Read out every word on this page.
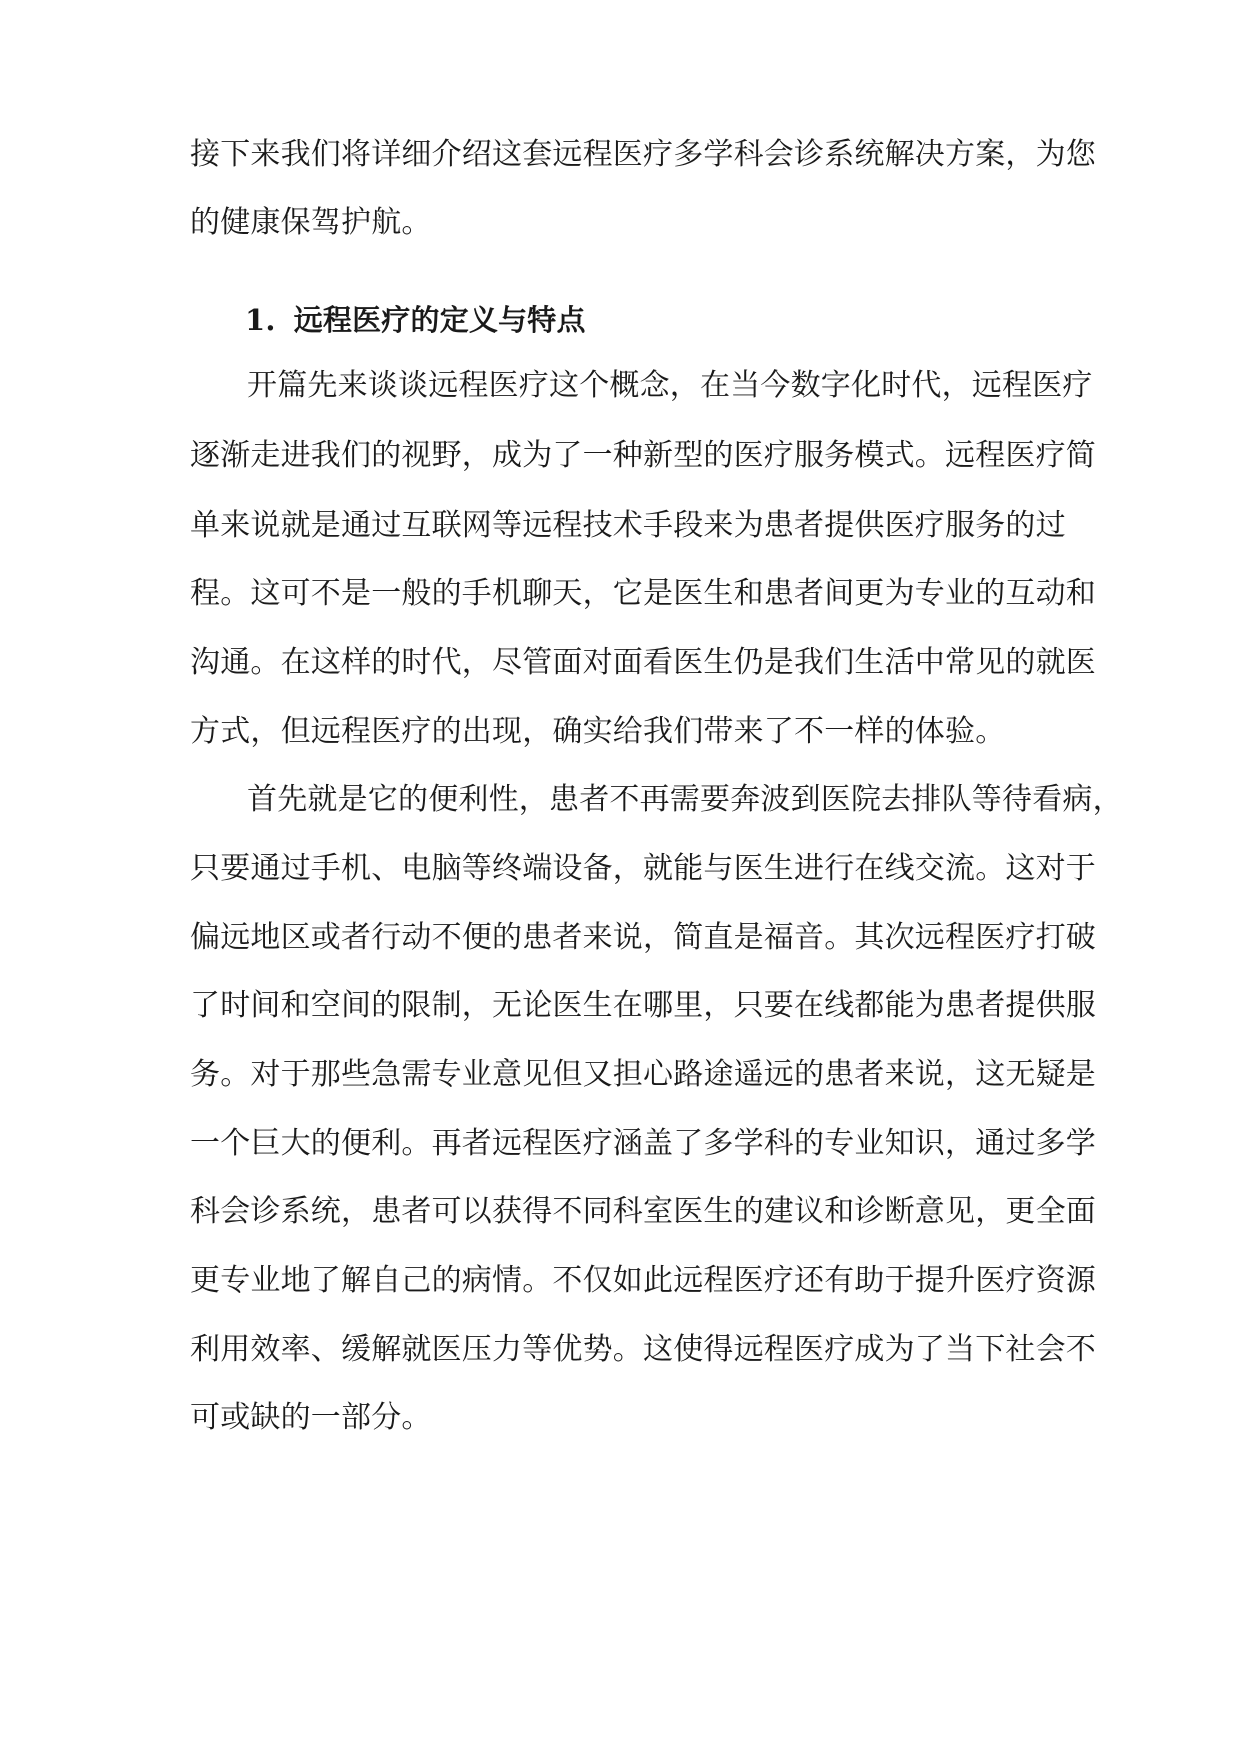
接下来我们将详细介绍这套远程医疗多学科会诊系统解决方案，为您
的健康保驾护航。
1. 远程医疗的定义与特点
开篇先来谈谈远程医疗这个概念，在当今数字化时代，远程医疗
逐渐走进我们的视野，成为了一种新型的医疗服务模式。远程医疗简
单来说就是通过互联网等远程技术手段来为患者提供医疗服务的过
程。这可不是一般的手机聊天，它是医生和患者间更为专业的互动和
沟通。在这样的时代，尽管面对面看医生仍是我们生活中常见的就医
方式，但远程医疗的出现，确实给我们带来了不一样的体验。
首先就是它的便利性，患者不再需要奔波到医院去排队等待看病，
只要通过手机、电脑等终端设备，就能与医生进行在线交流。这对于
偏远地区或者行动不便的患者来说，简直是福音。其次远程医疗打破
了时间和空间的限制，无论医生在哪里，只要在线都能为患者提供服
务。对于那些急需专业意见但又担心路途遥远的患者来说，这无疑是
一个巨大的便利。再者远程医疗涵盖了多学科的专业知识，通过多学
科会诊系统，患者可以获得不同科室医生的建议和诊断意见，更全面
更专业地了解自己的病情。不仅如此远程医疗还有助于提升医疗资源
利用效率、缓解就医压力等优势。这使得远程医疗成为了当下社会不
可或缺的一部分。
